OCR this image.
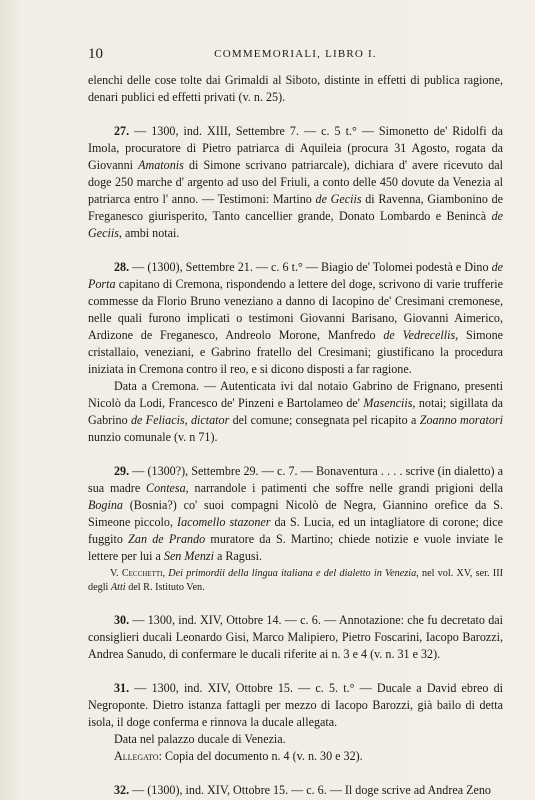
10	COMMEMORIALI, LIBRO I.

elenchi delle cose tolte dai Grimaldi al Siboto, distinte in effetti di publica ragione, denari publici ed effetti privati (v. n. 25).

27. — 1300, ind. XIII, Settembre 7. — c. 5 t.° — Simonetto de' Ridolfi da Imola, procuratore di Pietro patriarca di Aquileia (procura 31 Agosto, rogata da Giovanni Amatonis di Simone scrivano patriarcale), dichiara d' avere ricevuto dal doge 250 marche d' argento ad uso del Friuli, a conto delle 450 dovute da Venezia al patriarca entro l' anno. — Testimoni: Martino de Geciis di Ravenna, Giambonino de Freganesco giurisperito, Tanto cancellier grande, Donato Lombardo e Benincà de Geciis, ambi notai.

28. — (1300), Settembre 21. — c. 6 t.° — Biagio de' Tolomei podestà e Dino de Porta capitano di Cremona, rispondendo a lettere del doge, scrivono di varie trufferie commesse da Florio Bruno veneziano a danno di Iacopino de' Cresimani cremonese, nelle quali furono implicati o testimoni Giovanni Barisano, Giovanni Aimerico, Ardizone de Freganesco, Andreolo Morone, Manfredo de Vedrecellis, Simone cristallaio, veneziani, e Gabrino fratello del Cresimani; giustificano la procedura iniziata in Cremona contro il reo, e si dicono disposti a far ragione.

Data a Cremona. — Autenticata ivi dal notaio Gabrino de Frignano, presenti Nicolò da Lodi, Francesco de' Pinzeni e Bartolameo de' Masenciis, notai; sigillata da Gabrino de Feliacis, dictator del comune; consegnata pel ricapito a Zoanno moratori nunzio comunale (v. n 71).

29. — (1300?), Settembre 29. — c. 7. — Bonaventura . . . . scrive (in dialetto) a sua madre Contesa, narrandole i patimenti che soffre nelle grandi prigioni della Bogina (Bosnia?) co' suoi compagni Nicolò de Negra, Giannino orefice da S. Simeone piccolo, Iacomello stazoner da S. Lucia, ed un intagliatore di corone; dice fuggito Zan de Prando muratore da S. Martino; chiede notizie e vuole inviate le lettere per lui a Sen Menzi a Ragusi.

V. Cecchetti, Dei primordii della lingua italiana e del dialetto in Venezia, nel vol. XV, ser. III degli Atti del R. Istituto Ven.

30. — 1300, ind. XIV, Ottobre 14. — c. 6. — Annotazione: che fu decretato dai consiglieri ducali Leonardo Gisi, Marco Malipiero, Pietro Foscarini, Iacopo Barozzi, Andrea Sanudo, di confermare le ducali riferite ai n. 3 e 4 (v. n. 31 e 32).

31. — 1300, ind. XIV, Ottobre 15. — c. 5. t.° — Ducale a David ebreo di Negroponte. Dietro istanza fattagli per mezzo di Iacopo Barozzi, già bailo di detta isola, il doge conferma e rinnova la ducale allegata.

Data nel palazzo ducale di Venezia.

Allegato: Copia del documento n. 4 (v. n. 30 e 32).

32. — (1300), ind. XIV, Ottobre 15. — c. 6. — Il doge scrive ad Andrea Zeno
